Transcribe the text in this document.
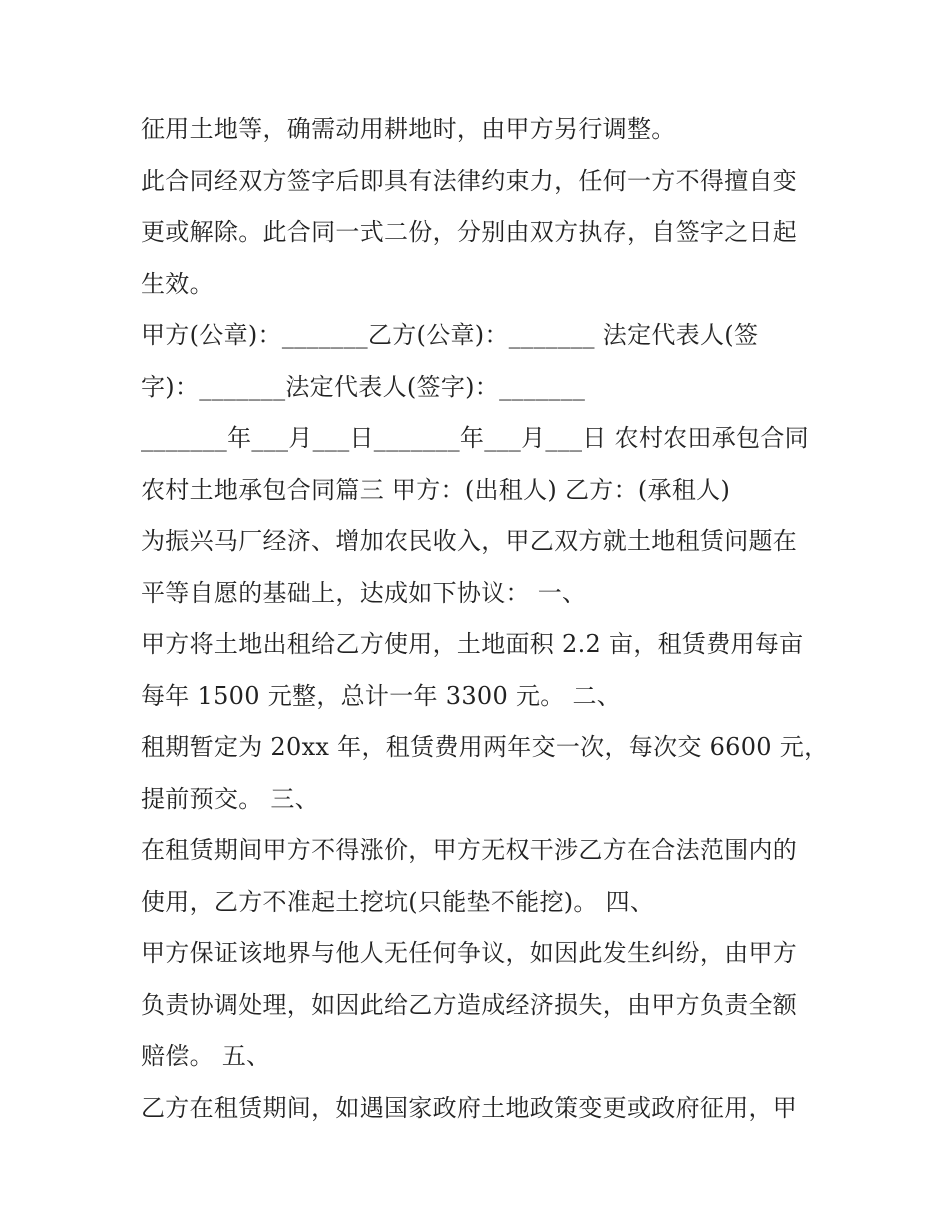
征用土地等，确需动用耕地时，由甲方另行调整。
此合同经双方签字后即具有法律约束力，任何一方不得擅自变
更或解除。此合同一式二份，分别由双方执存，自签字之日起
生效。
甲方(公章)：_______乙方(公章)：_______ 法定代表人(签
字)：_______法定代表人(签字)：_______
_______年___月___日_______年___月___日 农村农田承包合同
农村土地承包合同篇三 甲方：(出租人) 乙方：(承租人)
为振兴马厂经济、增加农民收入，甲乙双方就土地租赁问题在
平等自愿的基础上，达成如下协议： 一、
甲方将土地出租给乙方使用，土地面积 2.2 亩，租赁费用每亩
每年 1500 元整，总计一年 3300 元。 二、
租期暂定为 20xx 年，租赁费用两年交一次，每次交 6600 元，
提前预交。 三、
在租赁期间甲方不得涨价，甲方无权干涉乙方在合法范围内的
使用，乙方不准起土挖坑(只能垫不能挖)。 四、
甲方保证该地界与他人无任何争议，如因此发生纠纷，由甲方
负责协调处理，如因此给乙方造成经济损失，由甲方负责全额
赔偿。 五、
乙方在租赁期间，如遇国家政府土地政策变更或政府征用，甲
